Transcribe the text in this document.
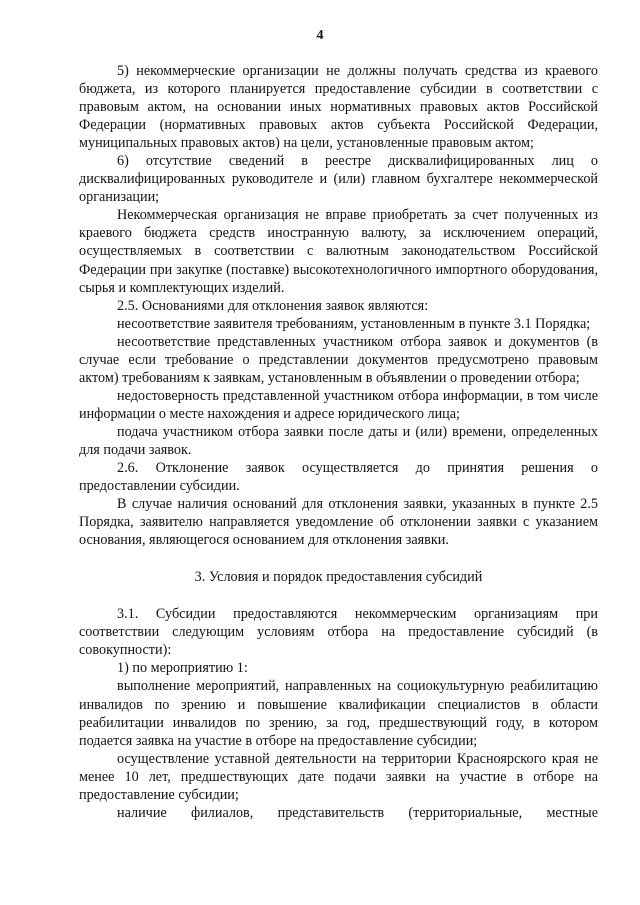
4

5) некоммерческие организации не должны получать средства из краевого бюджета, из которого планируется предоставление субсидии в соответствии с правовым актом, на основании иных нормативных правовых актов Российской Федерации (нормативных правовых актов субъекта Российской Федерации, муниципальных правовых актов) на цели, установленные правовым актом;

6) отсутствие сведений в реестре дисквалифицированных лиц о дисквалифицированных руководителе и (или) главном бухгалтере некоммерческой организации;

Некоммерческая организация не вправе приобретать за счет полученных из краевого бюджета средств иностранную валюту, за исключением операций, осуществляемых в соответствии с валютным законодательством Российской Федерации при закупке (поставке) высокотехнологичного импортного оборудования, сырья и комплектующих изделий.

2.5. Основаниями для отклонения заявок являются:

несоответствие заявителя требованиям, установленным в пункте 3.1 Порядка;

несоответствие представленных участником отбора заявок и документов (в случае если требование о представлении документов предусмотрено правовым актом) требованиям к заявкам, установленным в объявлении о проведении отбора;

недостоверность представленной участником отбора информации, в том числе информации о месте нахождения и адресе юридического лица;

подача участником отбора заявки после даты и (или) времени, определенных для подачи заявок.

2.6. Отклонение заявок осуществляется до принятия решения о предоставлении субсидии.

В случае наличия оснований для отклонения заявки, указанных в пункте 2.5 Порядка, заявителю направляется уведомление об отклонении заявки с указанием основания, являющегося основанием для отклонения заявки.

3. Условия и порядок предоставления субсидий

3.1. Субсидии предоставляются некоммерческим организациям при соответствии следующим условиям отбора на предоставление субсидий (в совокупности):

1) по мероприятию 1:

выполнение мероприятий, направленных на социокультурную реабилитацию инвалидов по зрению и повышение квалификации специалистов в области реабилитации инвалидов по зрению, за год, предшествующий году, в котором подается заявка на участие в отборе на предоставление субсидии;

осуществление уставной деятельности на территории Красноярского края не менее 10 лет, предшествующих дате подачи заявки на участие в отборе на предоставление субсидии;

наличие филиалов, представительств (территориальные, местные
